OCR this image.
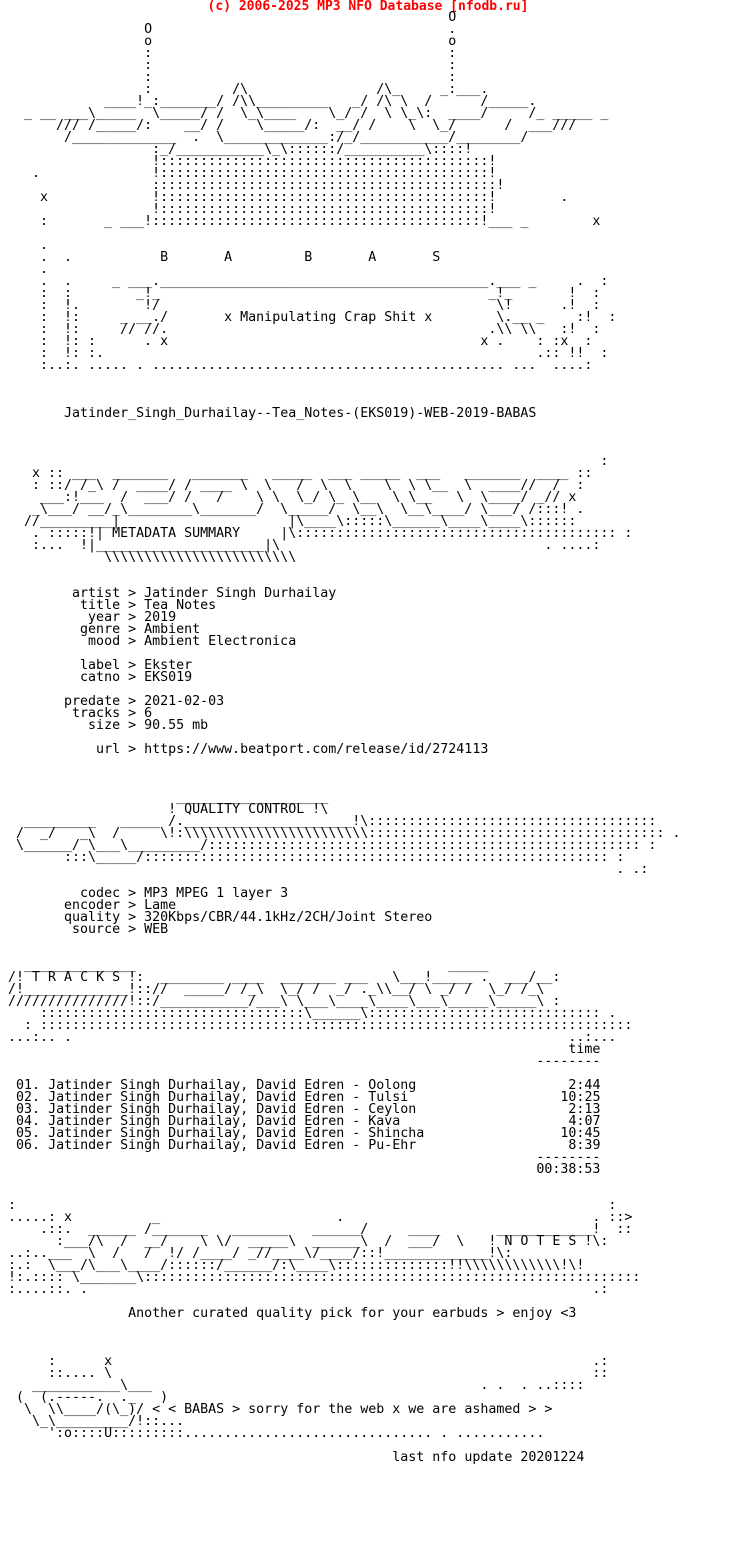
(c) 2006-2025 MP3 NFO Database [nfodb.ru]
O
O                                     .
o                                     o
:                                     :
:                                     :
:                                     :
:          /\                /\_     _:___.
____!_:_______/ /\\_________   _/ /\ \  /      /_____.
_ __ ___\_____  \_____/ /  \_\____    \_/ /  \ \_\:  ____/     /_ _____ _
/// /_____/:    __/ /    \_____/:  __/ /    \  \_/      /  ___///
/_____________  .  \_____________:/_/___________/________/
:_/___________\_\::::::/__________\::::!
!:::::::::::::::::::::::::::::::::::::::::!
.              !:::::::::::::::::::::::::::::::::::::::::!
:::::::::::::::::::::::::::::::::::::::::::!
x             !:::::::::::::::::::::::::::::::::::::::::!        .
!:::::::::::::::::::::::::::::::::::::::::!
:       _ ___!:::::::::::::::::::::::::::::::::::::::::!___ _        x

.
.  .	B       A         B       A       S
.
.  .     _ ___._________________________________________.___ _     .  :
:  :        _!_                                         _!_       !  :
:  !.        !/                                          \!      .!  :
:  !:     _ __./	x Manipulating Crap Shit x	\.__ _    :!  :
:  !:     // //.                                        .\\ \\   :!  :
:  !: :      . x                                       x .    : :x  :
:  !: :.                                                      .:: !!  :
:..:. ..... . ............................................ ...  ....:

Jatinder_Singh_Durhailay--Tea_Notes-(EKS019)-WEB-2019-BABAS

:
x :: ___  _______   _______   _____  ___ _____  ___   _______  ____ ::
: ::/ /_\ /  ____/ / ____ \  \   /  \  \    \  \ \__  \  ____//  /  :
___:!___  /  ___/ /   /    \ \  \_/ \_ \__  \ \__   \  \____/ _// x
_\___/ __/_\________\_______/  \_____/  \__\  \__\____/ \___/ /:::! .
//_________|                     |\____\:::::\______\____\____\::::::
. :::::!| METADATA SUMMARY	|\:::::::::::::::::::::::::::::::::::::::: :
:...  !|_____________________|\                                 . ....:
\\\\\\\\\\\\\\\\\\\\\\\\

artist > Jatinder Singh Durhailay
title > Tea Notes
year > 2019
genre > Ambient
mood > Ambient Electronica

label > Ekster
catno > EKS019

predate > 2021-02-03
tracks > 6
size > 90.55 mb

url > https://www.beatport.com/release/id/2724113

___________________
! QUALITY CONTROL !\
_________   _____ /._____________________!\::::::::::::::::::::::::::::::::::::
/  _/   _\  /     \!:\\\\\\\\\\\\\\\\\\\\\\\::::::::::::::::::::::::::::::::::::: .
\______/ \___\_________/:::::::::::::::::::::::::::::::::::::::::::::::::::::: :
:::\_____/:::::::::::::::::::::::::::::::::::::::::::::::::::::::::: :
. .:

codec > MP3 MPEG 1 layer 3
encoder > Lame
quality > 320Kbps/CBR/44.1kHz/2CH/Joint Stereo
source > WEB

______________                                       _____
/! T R A C K S !:  ________ ____  _______ ___   \___!_____ .  ___/__:
/!_____________!:://  _____/ /_\  \_/ /  _/ ._\\__/ \ _/ /  \_/ /_\
///////////////!::/___________/___\ \___\____\____\___\_____\_____\ :
:::::::::::::::::::::::::::::::::\______\::::::::::::::::::::::::::::: .
: ::::::::::::::::::::::::::::::::::::::::::::::::::::::::::::::::::::::::::
...:.. .                                                              ..:...
time
--------

01. Jatinder Singh Durhailay, David Edren - Oolong	2:44
02. Jatinder Singh Durhailay, David Edren - Tulsi	10:25
03. Jatinder Singh Durhailay, David Edren - Ceylon	2:13
04. Jatinder Singh Durhailay, David Edren - Kava	4:07
05. Jatinder Singh Durhailay, David Edren - Shincha	10:45
06. Jatinder Singh Durhailay, David Edren - Pu-Ehr	8:39
--------
00:38:53

:                                                                          :
.....: x          _                      .                               . ::>
.::.  ______ /_______   _______   ______/     ____       ____________!  ::
:___/\  /  __/    \ \/  _____\  ______\  /  ___/  \   ! N O T E S !\:
..:..___  \  /   /  !/ /____/ _//____\/____/::!_____________!\:
:.:  \___/\___\____/::::::/______/:\____\::::::::::::::!!\\\\\\\\\\\\!\!
!:.:::: \_______\::::::::::::::::::::::::::::::::::::::::::::::::::::::::::::::
:....::. .                                                               .:

Another curated quality pick for your earbuds > enjoy <3

:      x                                                            .:
::.... \                                                            ::
___________\___                                         . .  . ..::::
(  (.-----.  ._   )
\  \\____/(\_)/ < < BABAS > sorry for the web x we are ashamed > >
\_\_________/!::...
':o::::U:::::::::............................... . ...........

last nfo update 20201224
